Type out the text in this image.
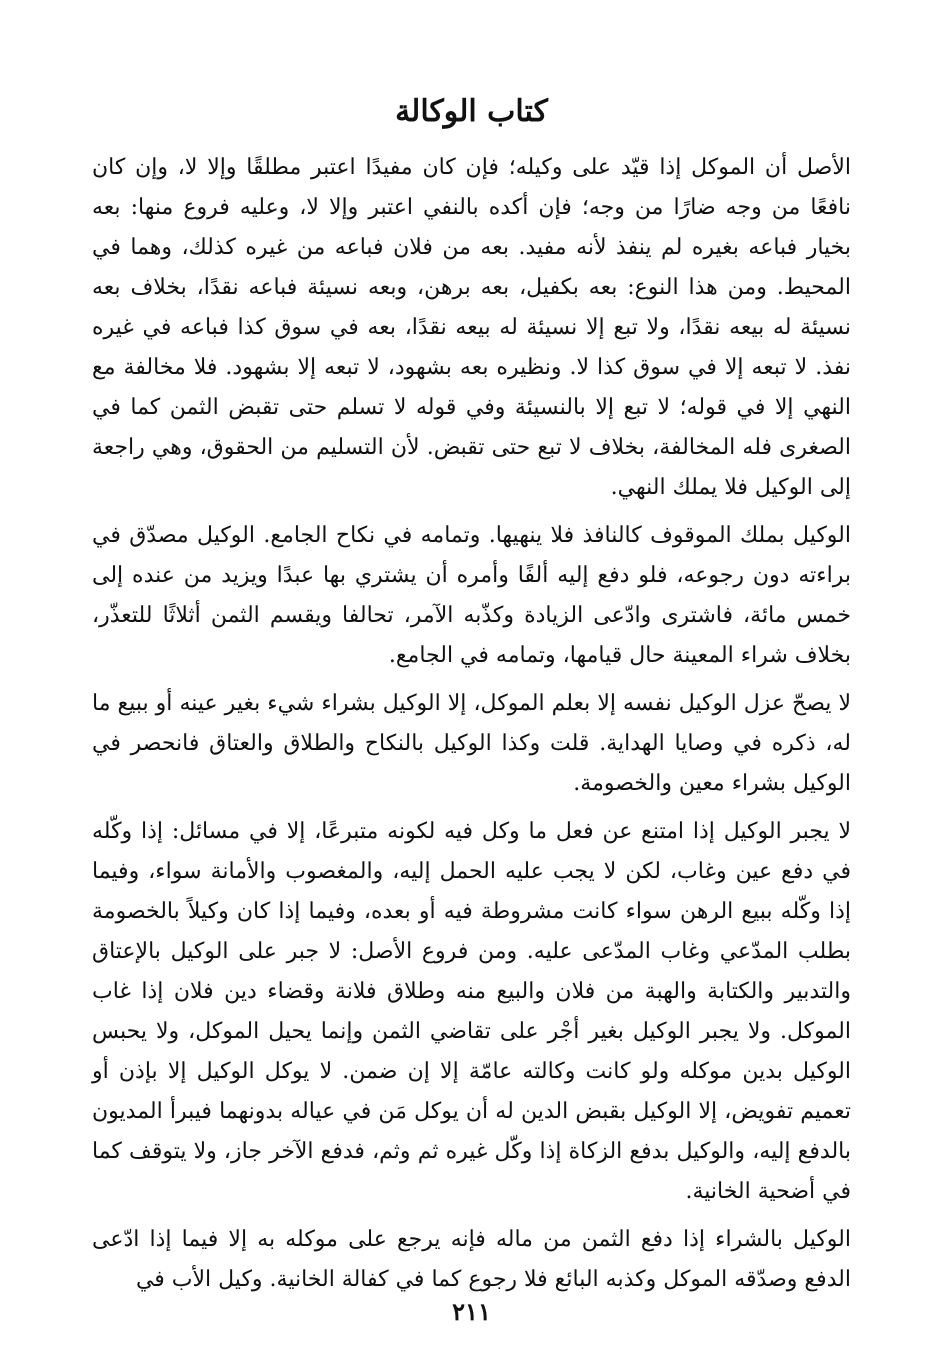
كتاب الوكالة

الأصل أن الموكل إذا قيّد على وكيله؛ فإن كان مفيدًا اعتبر مطلقًا وإلا لا، وإن كان نافعًا من وجه ضارًا من وجه؛ فإن أكده بالنفي اعتبر وإلا لا، وعليه فروع منها: بعه بخيار فباعه بغيره لم ينفذ لأنه مفيد. بعه من فلان فباعه من غيره كذلك، وهما في المحيط. ومن هذا النوع: بعه بكفيل، بعه برهن، وبعه نسيئة فباعه نقدًا، بخلاف بعه نسيئة له بيعه نقدًا، ولا تبع إلا نسيئة له بيعه نقدًا، بعه في سوق كذا فباعه في غيره نفذ. لا تبعه إلا في سوق كذا لا. ونظيره بعه بشهود، لا تبعه إلا بشهود. فلا مخالفة مع النهي إلا في قوله؛ لا تبع إلا بالنسيئة وفي قوله لا تسلم حتى تقبض الثمن كما في الصغرى فله المخالفة، بخلاف لا تبع حتى تقبض. لأن التسليم من الحقوق، وهي راجعة إلى الوكيل فلا يملك النهي.

الوكيل بملك الموقوف كالنافذ فلا ينهيها. وتمامه في نكاح الجامع. الوكيل مصدّق في براءته دون رجوعه، فلو دفع إليه ألفًا وأمره أن يشتري بها عبدًا ويزيد من عنده إلى خمس مائة، فاشترى وادّعى الزيادة وكذّبه الآمر، تحالفا ويقسم الثمن أثلاثًا للتعذّر، بخلاف شراء المعينة حال قيامها، وتمامه في الجامع.

لا يصحّ عزل الوكيل نفسه إلا بعلم الموكل، إلا الوكيل بشراء شيء بغير عينه أو ببيع ما له، ذكره في وصايا الهداية. قلت وكذا الوكيل بالنكاح والطلاق والعتاق فانحصر في الوكيل بشراء معين والخصومة.

لا يجبر الوكيل إذا امتنع عن فعل ما وكل فيه لكونه متبرعًا، إلا في مسائل: إذا وكّله في دفع عين وغاب، لكن لا يجب عليه الحمل إليه، والمغصوب والأمانة سواء، وفيما إذا وكّله ببيع الرهن سواء كانت مشروطة فيه أو بعده، وفيما إذا كان وكيلاً بالخصومة بطلب المدّعي وغاب المدّعى عليه. ومن فروع الأصل: لا جبر على الوكيل بالإعتاق والتدبير والكتابة والهبة من فلان والبيع منه وطلاق فلانة وقضاء دين فلان إذا غاب الموكل. ولا يجبر الوكيل بغير أجْر على تقاضي الثمن وإنما يحيل الموكل، ولا يحبس الوكيل بدين موكله ولو كانت وكالته عامّة إلا إن ضمن. لا يوكل الوكيل إلا بإذن أو تعميم تفويض، إلا الوكيل بقبض الدين له أن يوكل مَن في عياله بدونهما فيبرأ المديون بالدفع إليه، والوكيل بدفع الزكاة إذا وكّل غيره ثم وثم، فدفع الآخر جاز، ولا يتوقف كما في أضحية الخانية.

الوكيل بالشراء إذا دفع الثمن من ماله فإنه يرجع على موكله به إلا فيما إذا ادّعى الدفع وصدّقه الموكل وكذبه البائع فلا رجوع كما في كفالة الخانية. وكيل الأب في

٢١١
